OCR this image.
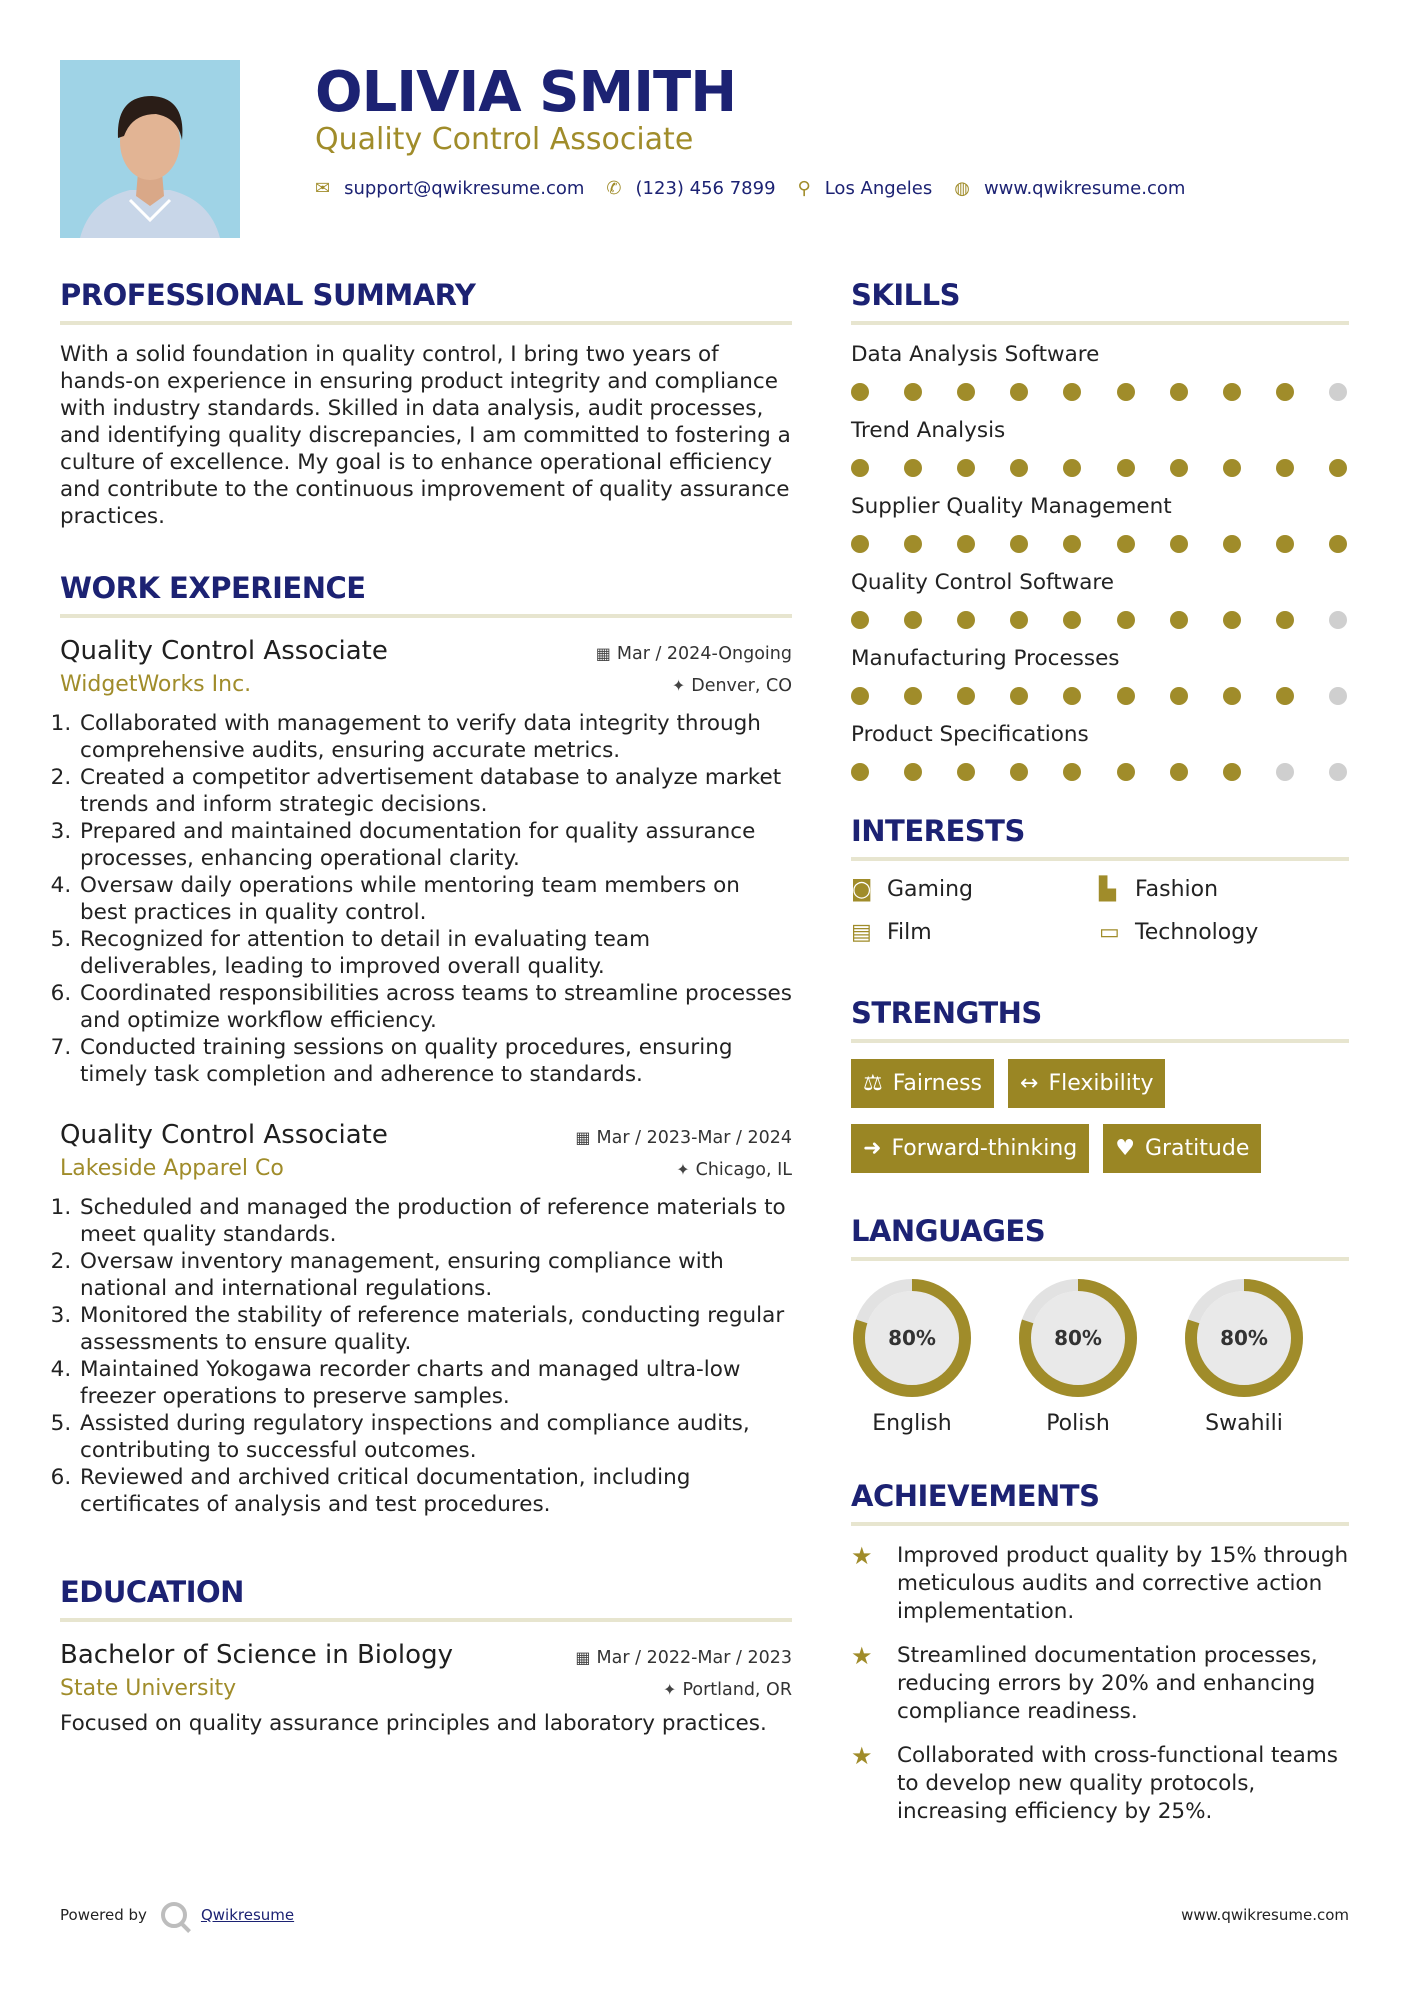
OLIVIA SMITH
Quality Control Associate
✉ support@qwikresume.com ✆ (123) 456 7899 ⚲ Los Angeles ◍ www.qwikresume.com
PROFESSIONAL SUMMARY

With a solid foundation in quality control, I bring two years of hands-on experience in ensuring product integrity and compliance with industry standards. Skilled in data analysis, audit processes, and identifying quality discrepancies, I am committed to fostering a culture of excellence. My goal is to enhance operational efficiency and contribute to the continuous improvement of quality assurance practices.

WORK EXPERIENCE
Quality Control Associate	▦ Mar / 2024-Ongoing
WidgetWorks Inc.	✦ Denver, CO
1. Collaborated with management to verify data integrity through comprehensive audits, ensuring accurate metrics.
2. Created a competitor advertisement database to analyze market trends and inform strategic decisions.
3. Prepared and maintained documentation for quality assurance processes, enhancing operational clarity.
4. Oversaw daily operations while mentoring team members on best practices in quality control.
5. Recognized for attention to detail in evaluating team deliverables, leading to improved overall quality.
6. Coordinated responsibilities across teams to streamline processes and optimize workflow efficiency.
7. Conducted training sessions on quality procedures, ensuring timely task completion and adherence to standards.
Quality Control Associate	▦ Mar / 2023-Mar / 2024
Lakeside Apparel Co	✦ Chicago, IL
1. Scheduled and managed the production of reference materials to meet quality standards.
2. Oversaw inventory management, ensuring compliance with national and international regulations.
3. Monitored the stability of reference materials, conducting regular assessments to ensure quality.
4. Maintained Yokogawa recorder charts and managed ultra-low freezer operations to preserve samples.
5. Assisted during regulatory inspections and compliance audits, contributing to successful outcomes.
6. Reviewed and archived critical documentation, including certificates of analysis and test procedures.
EDUCATION
Bachelor of Science in Biology	▦ Mar / 2022-Mar / 2023
State University	✦ Portland, OR
Focused on quality assurance principles and laboratory practices.
SKILLS
Data Analysis Software
Trend Analysis
Supplier Quality Management
Quality Control Software
Manufacturing Processes
Product Specifications
INTERESTS
◙ Gaming	▙ Fashion
▤ Film	▭ Technology
STRENGTHS
⚖ Fairness ↔ Flexibility
➜ Forward-thinking ♥ Gratitude
LANGUAGES
80%
English
80%
Polish
80%
Swahili
ACHIEVEMENTS
★	Improved product quality by 15% through meticulous audits and corrective action implementation.
★	Streamlined documentation processes, reducing errors by 20% and enhancing compliance readiness.
★	Collaborated with cross-functional teams to develop new quality protocols, increasing efficiency by 25%.
Powered by	Qwikresume	www.qwikresume.com
